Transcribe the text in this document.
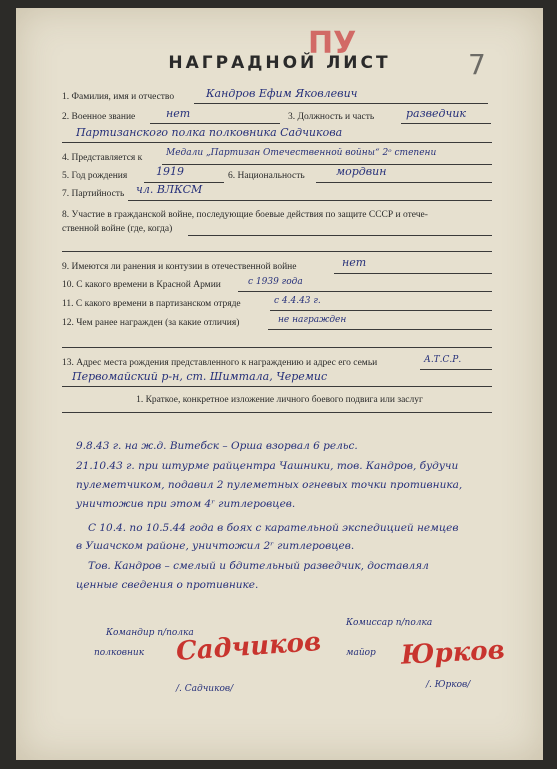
ПУ
7
НАГРАДНОЙ ЛИСТ
1. Фамилия, имя и отчество	Кандров Ефим Яковлевич
2. Военное звание	нет	3. Должность и часть	разведчик
Партизанского полка полковника Садчикова
4. Представляется к	Медали „Партизан Отечественной войны“ 2ᵒ степени
5. Год рождения	1919	6. Национальность	мордвин
7. Партийность чл. ВЛКСМ
8. Участие в гражданской войне, последующие боевые действия по защите СССР и отече-
ственной войне (где, когда)
9. Имеются ли ранения и контузии в отечественной войне	нет
10. С какого времени в Красной Армии	с 1939 года
11. С какого времени в партизанском отряде	с 4.4.43 г.
12. Чем ранее награжден (за какие отличия)	не награжден
13. Адрес места рождения представленного к награждению и адрес его семьи	А.Т.С.Р.
Первомайский р-н, ст. Шимтала, Черемис
1. Краткое, конкретное изложение личного боевого подвига или заслуг
9.8.43 г. на ж.д. Витебск – Орша взорвал 6 рельс.
21.10.43 г. при штурме райцентра Чашники, тов. Кандров, будучи
пулеметчиком, подавил 2 пулеметных огневых точки противника,
уничтожив при этом 4ʳ гитлеровцев.
С 10.4. по 10.5.44 года в боях с карательной экспедицией немцев
в Ушачском районе, уничтожил 2ʳ гитлеровцев.
Тов. Кандров – смелый и бдительный разведчик, доставлял
ценные сведения о противнике.
Командир п/полка
полковник Садчиков
/. Садчиков/
Комиссар п/полка
майор Юрков
/. Юрков/
